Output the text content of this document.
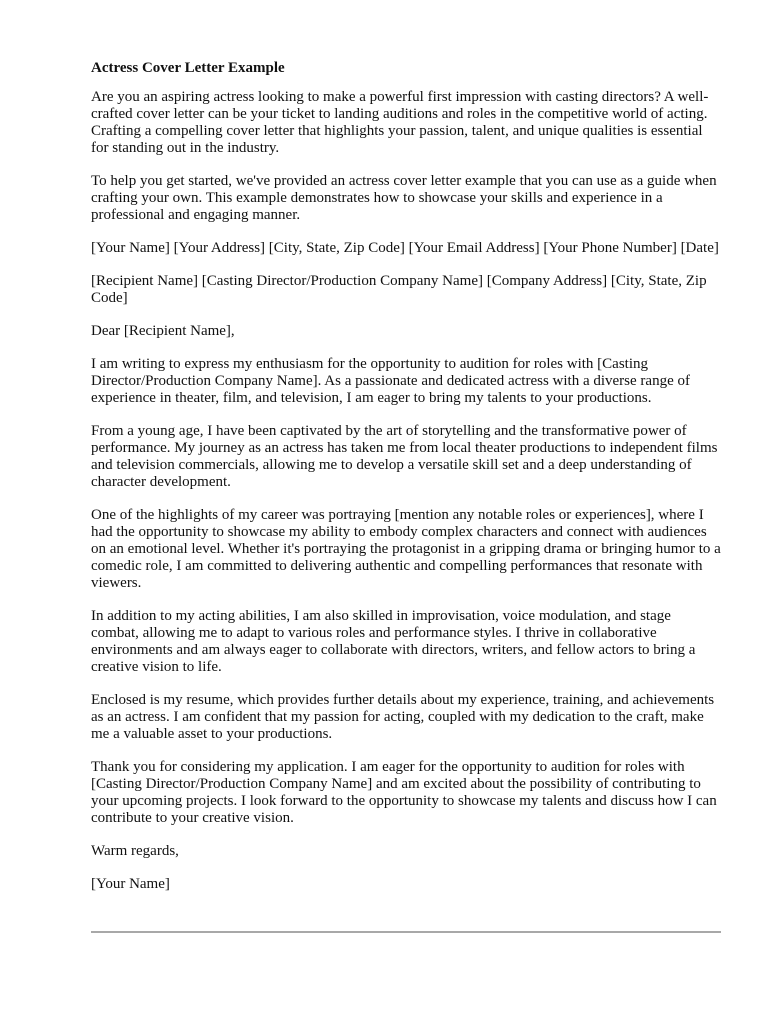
Actress Cover Letter Example

Are you an aspiring actress looking to make a powerful first impression with casting directors? A well-crafted cover letter can be your ticket to landing auditions and roles in the competitive world of acting. Crafting a compelling cover letter that highlights your passion, talent, and unique qualities is essential for standing out in the industry.

To help you get started, we've provided an actress cover letter example that you can use as a guide when crafting your own. This example demonstrates how to showcase your skills and experience in a professional and engaging manner.

[Your Name] [Your Address] [City, State, Zip Code] [Your Email Address] [Your Phone Number] [Date]

[Recipient Name] [Casting Director/Production Company Name] [Company Address] [City, State, Zip Code]

Dear [Recipient Name],

I am writing to express my enthusiasm for the opportunity to audition for roles with [Casting Director/Production Company Name]. As a passionate and dedicated actress with a diverse range of experience in theater, film, and television, I am eager to bring my talents to your productions.

From a young age, I have been captivated by the art of storytelling and the transformative power of performance. My journey as an actress has taken me from local theater productions to independent films and television commercials, allowing me to develop a versatile skill set and a deep understanding of character development.

One of the highlights of my career was portraying [mention any notable roles or experiences], where I had the opportunity to showcase my ability to embody complex characters and connect with audiences on an emotional level. Whether it's portraying the protagonist in a gripping drama or bringing humor to a comedic role, I am committed to delivering authentic and compelling performances that resonate with viewers.

In addition to my acting abilities, I am also skilled in improvisation, voice modulation, and stage combat, allowing me to adapt to various roles and performance styles. I thrive in collaborative environments and am always eager to collaborate with directors, writers, and fellow actors to bring a creative vision to life.

Enclosed is my resume, which provides further details about my experience, training, and achievements as an actress. I am confident that my passion for acting, coupled with my dedication to the craft, make me a valuable asset to your productions.

Thank you for considering my application. I am eager for the opportunity to audition for roles with [Casting Director/Production Company Name] and am excited about the possibility of contributing to your upcoming projects. I look forward to the opportunity to showcase my talents and discuss how I can contribute to your creative vision.

Warm regards,

[Your Name]
